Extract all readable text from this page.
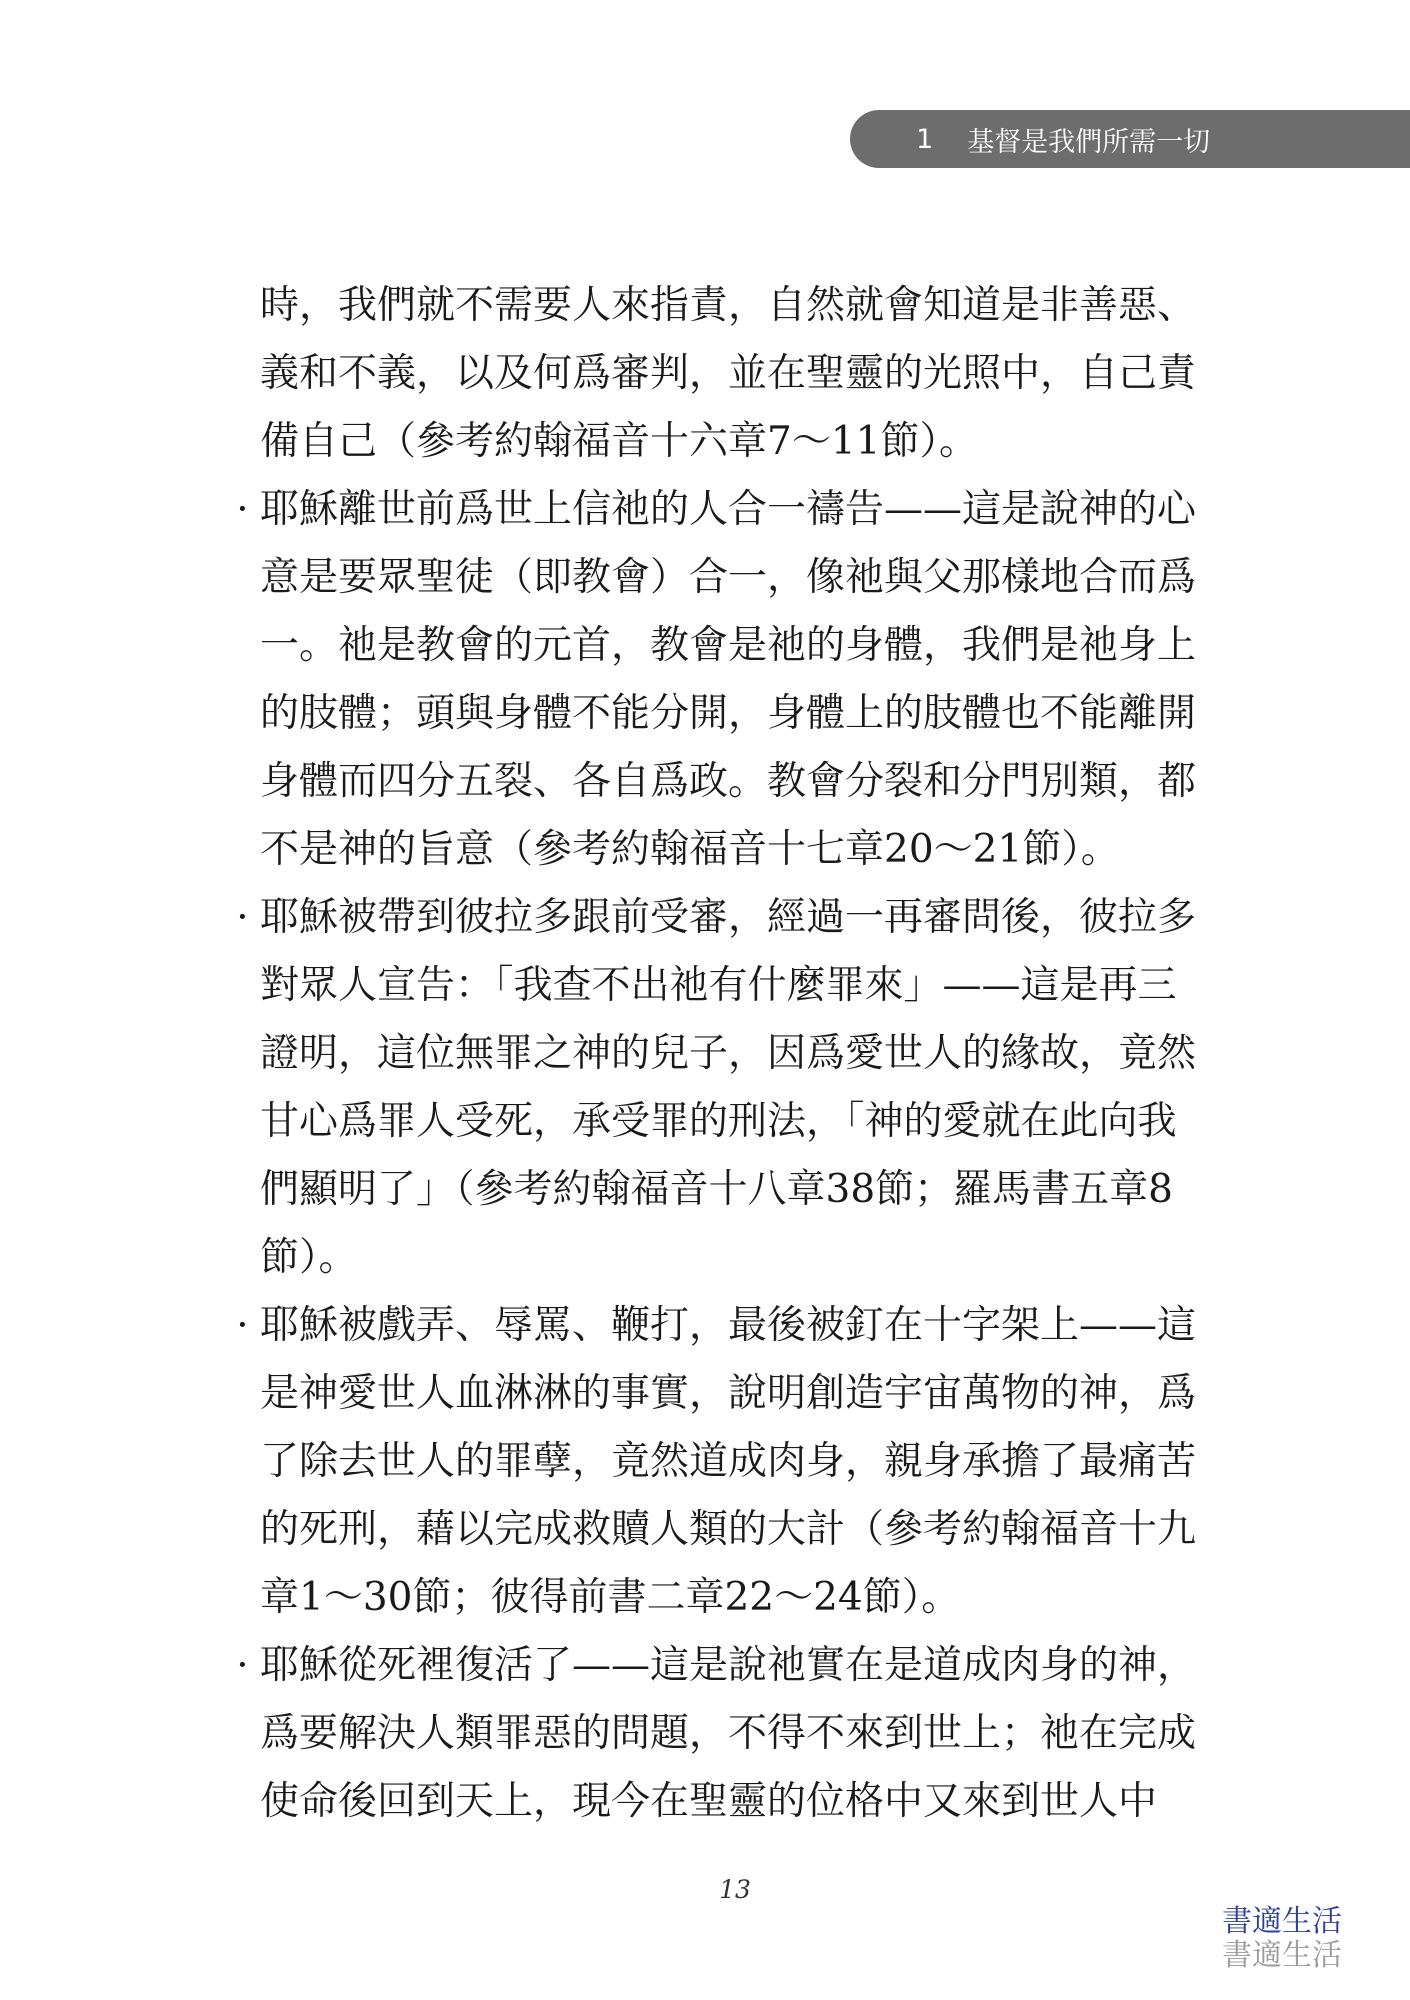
1 基督是我們所需一切
時，我們就不需要人來指責，自然就會知道是非善惡、
義和不義，以及何爲審判，並在聖靈的光照中，自己責
備自己（參考約翰福音十六章7～11節）。
· 耶穌離世前爲世上信祂的人合一禱告——這是說神的心
意是要眾聖徒（即教會）合一，像祂與父那樣地合而爲
一。祂是教會的元首，教會是祂的身體，我們是祂身上
的肢體；頭與身體不能分開，身體上的肢體也不能離開
身體而四分五裂、各自爲政。教會分裂和分門別類，都
不是神的旨意（參考約翰福音十七章20～21節）。
· 耶穌被帶到彼拉多跟前受審，經過一再審問後，彼拉多
對眾人宣告：「我查不出祂有什麼罪來」——這是再三
證明，這位無罪之神的兒子，因爲愛世人的緣故，竟然
甘心爲罪人受死，承受罪的刑法，「神的愛就在此向我
們顯明了」（參考約翰福音十八章38節；羅馬書五章8
節）。
· 耶穌被戲弄、辱罵、鞭打，最後被釘在十字架上——這
是神愛世人血淋淋的事實，說明創造宇宙萬物的神，爲
了除去世人的罪孽，竟然道成肉身，親身承擔了最痛苦
的死刑，藉以完成救贖人類的大計（參考約翰福音十九
章1～30節；彼得前書二章22～24節）。
· 耶穌從死裡復活了——這是說祂實在是道成肉身的神，
爲要解決人類罪惡的問題，不得不來到世上；祂在完成
使命後回到天上，現今在聖靈的位格中又來到世人中
13
書適生活
書適生活
